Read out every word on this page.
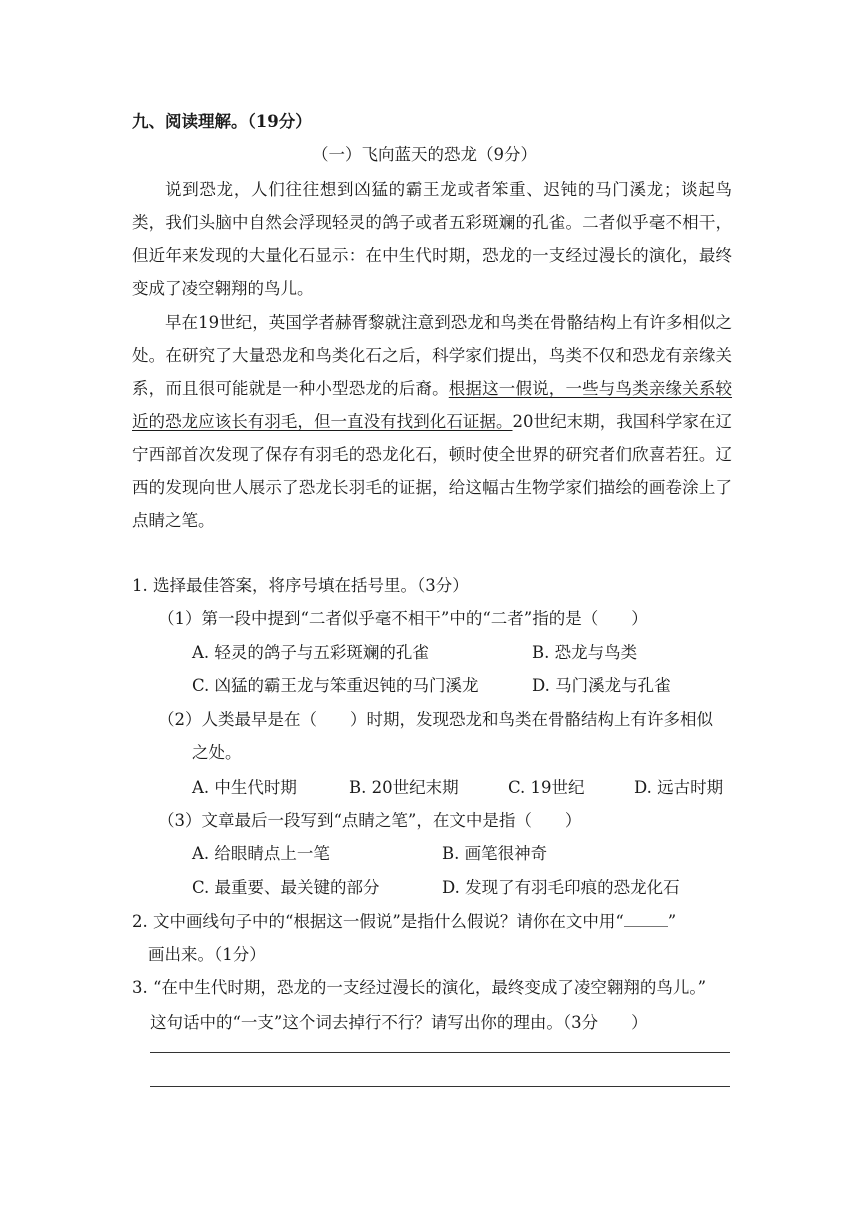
九、阅读理解。（19分）
（一）飞向蓝天的恐龙（9分）
说到恐龙，人们往往想到凶猛的霸王龙或者笨重、迟钝的马门溪龙；谈起鸟类，我们头脑中自然会浮现轻灵的鸽子或者五彩斑斓的孔雀。二者似乎毫不相干，但近年来发现的大量化石显示：在中生代时期，恐龙的一支经过漫长的演化，最终变成了凌空翱翔的鸟儿。
早在19世纪，英国学者赫胥黎就注意到恐龙和鸟类在骨骼结构上有许多相似之处。在研究了大量恐龙和鸟类化石之后，科学家们提出，鸟类不仅和恐龙有亲缘关系，而且很可能就是一种小型恐龙的后裔。根据这一假说，一些与鸟类亲缘关系较近的恐龙应该长有羽毛，但一直没有找到化石证据。20世纪末期，我国科学家在辽宁西部首次发现了保存有羽毛的恐龙化石，顿时使全世界的研究者们欣喜若狂。辽西的发现向世人展示了恐龙长羽毛的证据，给这幅古生物学家们描绘的画卷涂上了点睛之笔。
1. 选择最佳答案，将序号填在括号里。（3分）
（1）第一段中提到“二者似乎毫不相干”中的“二者”指的是（　　）
A. 轻灵的鸽子与五彩斑斓的孔雀	B. 恐龙与鸟类
C. 凶猛的霸王龙与笨重迟钝的马门溪龙	D. 马门溪龙与孔雀
（2）人类最早是在（　　）时期，发现恐龙和鸟类在骨骼结构上有许多相似
之处。
A. 中生代时期	B. 20世纪末期	C. 19世纪	D. 远古时期
（3）文章最后一段写到“点睛之笔”，在文中是指（　　）
A. 给眼睛点上一笔	B. 画笔很神奇
C. 最重要、最关键的部分	D. 发现了有羽毛印痕的恐龙化石
2. 文中画线句子中的“根据这一假说”是指什么假说？请你在文中用“	”
画出来。（1分）
3. “在中生代时期，恐龙的一支经过漫长的演化，最终变成了凌空翱翔的鸟儿。”
这句话中的“一支”这个词去掉行不行？请写出你的理由。（3分　　）
